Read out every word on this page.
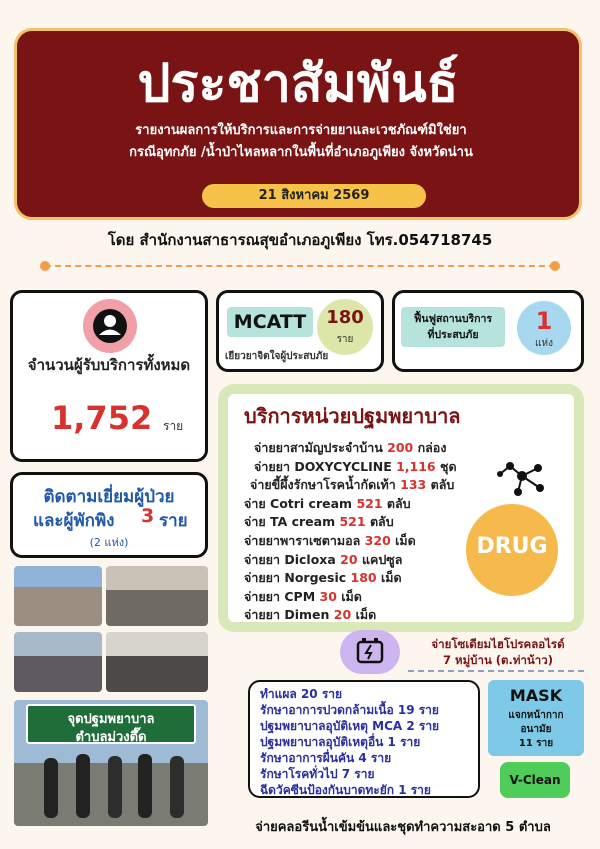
ประชาสัมพันธ์
รายงานผลการให้บริการและการจ่ายยาและเวชภัณฑ์มิใช่ยา
กรณีอุทกภัย /น้ำป่าไหลหลากในพื้นที่อำเภอภูเพียง จังหวัดน่าน
21 สิงหาคม 2569
โดย สำนักงานสาธารณสุขอำเภอภูเพียง โทร.054718745
จำนวนผู้รับบริการทั้งหมด
1,752 ราย
MCATT	180
ราย
เยียวยาจิตใจผู้ประสบภัย
ฟื้นฟูสถานบริการ
ที่ประสบภัย	1
แห่ง
ติดตามเยี่ยมผู้ป่วย
และผู้พักพิง 3 ราย
(2 แห่ง)
จุดปฐมพยาบาล
ตำบลม่วงตึ๊ด
บริการหน่วยปฐมพยาบาล
จ่ายยาสามัญประจำบ้าน 200 กล่อง
จ่ายยา DOXYCYCLINE 1,116 ชุด
จ่ายขี้ผึ้งรักษาโรคน้ำกัดเท้า 133 ตลับ
จ่าย Cotri cream 521 ตลับ
จ่าย TA cream 521 ตลับ
จ่ายยาพาราเซตามอล 320 เม็ด
จ่ายยา Dicloxa 20 แคปซูล
จ่ายยา Norgesic 180 เม็ด
จ่ายยา CPM 30 เม็ด
จ่ายยา Dimen 20 เม็ด
DRUG
จ่ายโซเดียมไฮโปรคลอไรด์
7 หมู่บ้าน (ต.ท่าน้าว)
ทำแผล 20 ราย
รักษาอาการปวดกล้ามเนื้อ 19 ราย
ปฐมพยาบาลอุบัติเหตุ MCA 2 ราย
ปฐมพยาบาลอุบัติเหตุอื่น 1 ราย
รักษาอาการผื่นคัน 4 ราย
รักษาโรคทั่วไป 7 ราย
ฉีดวัคซีนป้องกันบาดทะยัก 1 ราย
MASK
แจกหน้ากาก
อนามัย
11 ราย
V-Clean
จ่ายคลอรีนน้ำเข้มข้นและชุดทำความสะอาด 5 ตำบล
